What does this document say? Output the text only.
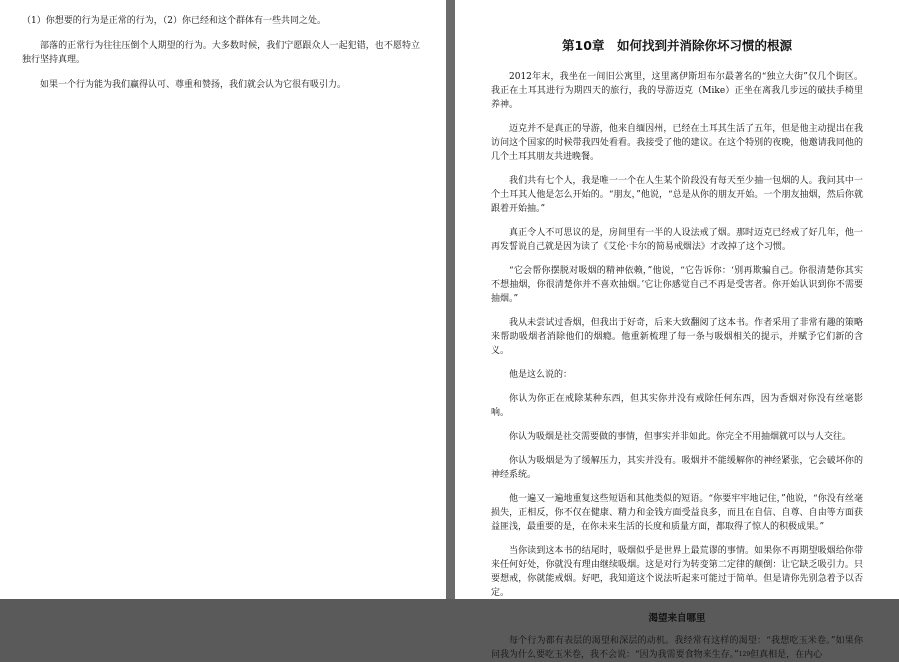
（1）你想要的行为是正常的行为，（2）你已经和这个群体有一些共同之处。

部落的正常行为往往压倒个人期望的行为。大多数时候，我们宁愿跟众人一起犯错，也不愿特立独行坚持真理。

如果一个行为能为我们赢得认可、尊重和赞扬，我们就会认为它很有吸引力。

第10章　如何找到并消除你坏习惯的根源

2012年末，我坐在一间旧公寓里，这里离伊斯坦布尔最著名的“独立大街”仅几个街区。我正在土耳其进行为期四天的旅行，我的导游迈克（Mike）正坐在离我几步远的破扶手椅里养神。

迈克并不是真正的导游，他来自缅因州，已经在土耳其生活了五年，但是他主动提出在我访问这个国家的时候带我四处看看。我接受了他的建议。在这个特别的夜晚，他邀请我同他的几个土耳其朋友共进晚餐。

我们共有七个人，我是唯一一个在人生某个阶段没有每天至少抽一包烟的人。我问其中一个土耳其人他是怎么开始的。“朋友，”他说，“总是从你的朋友开始。一个朋友抽烟，然后你就跟着开始抽。”

真正令人不可思议的是，房间里有一半的人设法戒了烟。那时迈克已经戒了好几年，他一再发誓说自己就是因为读了《艾伦·卡尔的简易戒烟法》才改掉了这个习惯。

“它会帮你摆脱对吸烟的精神依赖，”他说，“它告诉你：‘别再欺骗自己。你很清楚你其实不想抽烟，你很清楚你并不喜欢抽烟。’它让你感觉自己不再是受害者。你开始认识到你不需要抽烟。”

我从未尝试过香烟，但我出于好奇，后来大致翻阅了这本书。作者采用了非常有趣的策略来帮助吸烟者消除他们的烟瘾。他重新梳理了每一条与吸烟相关的提示，并赋予它们新的含义。

他是这么说的：

你认为你正在戒除某种东西，但其实你并没有戒除任何东西，因为香烟对你没有丝毫影响。

你认为吸烟是社交需要做的事情，但事实并非如此。你完全不用抽烟就可以与人交往。

你认为吸烟是为了缓解压力，其实并没有。吸烟并不能缓解你的神经紧张，它会破坏你的神经系统。

他一遍又一遍地重复这些短语和其他类似的短语。“你要牢牢地记住，”他说，“你没有丝毫损失，正相反，你不仅在健康、精力和金钱方面受益良多，而且在自信、自尊、自由等方面获益匪浅，最重要的是，在你未来生活的长度和质量方面，都取得了惊人的积极成果。”

当你读到这本书的结尾时，吸烟似乎是世界上最荒谬的事情。如果你不再期望吸烟给你带来任何好处，你就没有理由继续吸烟。这是对行为转变第二定律的颠倒：让它缺乏吸引力。只要想戒，你就能戒烟。好吧，我知道这个说法听起来可能过于简单。但是请你先别急着予以否定。

渴望来自哪里

每个行为都有表层的渴望和深层的动机。我经常有这样的渴望：“我想吃玉米卷。”如果你问我为什么要吃玉米卷，我不会说：“因为我需要食物来生存。”129但真相是，在内心
